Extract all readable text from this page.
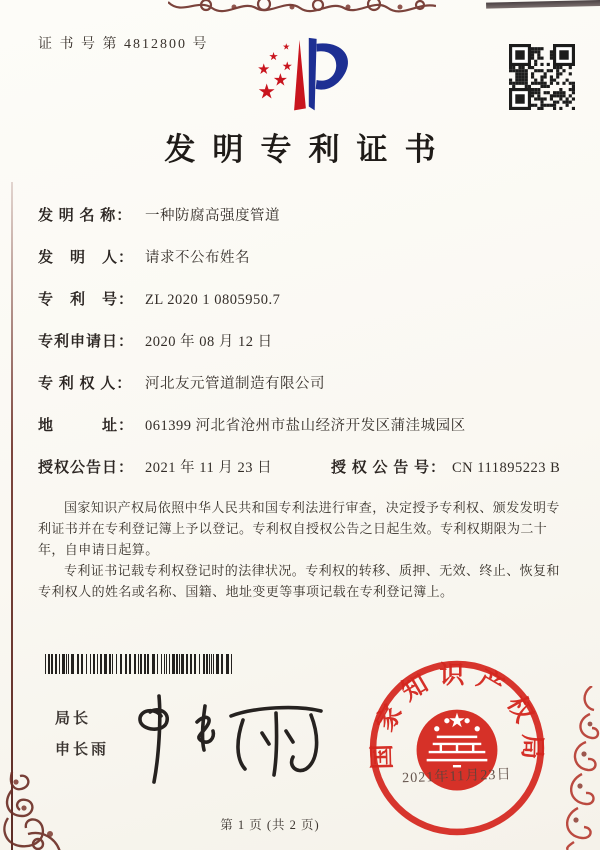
证 书 号 第 4812800 号
发明专利证书
发 明 名 称： 一种防腐高强度管道
发　明　人： 请求不公布姓名
专　利　号： ZL 2020 1 0805950.7
专利申请日： 2020 年 08 月 12 日
专 利 权 人： 河北友元管道制造有限公司
地　　　址： 061399 河北省沧州市盐山经济开发区蒲洼城园区
授权公告日： 2021 年 11 月 23 日	授 权 公 告 号： CN 111895223 B

国家知识产权局依照中华人民共和国专利法进行审查，决定授予专利权、颁发发明专利证书并在专利登记簿上予以登记。专利权自授权公告之日起生效。专利权期限为二十年，自申请日起算。

专利证书记载专利权登记时的法律状况。专利权的转移、质押、无效、终止、恢复和专利权人的姓名或名称、国籍、地址变更等事项记载在专利登记簿上。

局长
申长雨	国家知识产权局
2021年11月23日
第 1 页 (共 2 页)
